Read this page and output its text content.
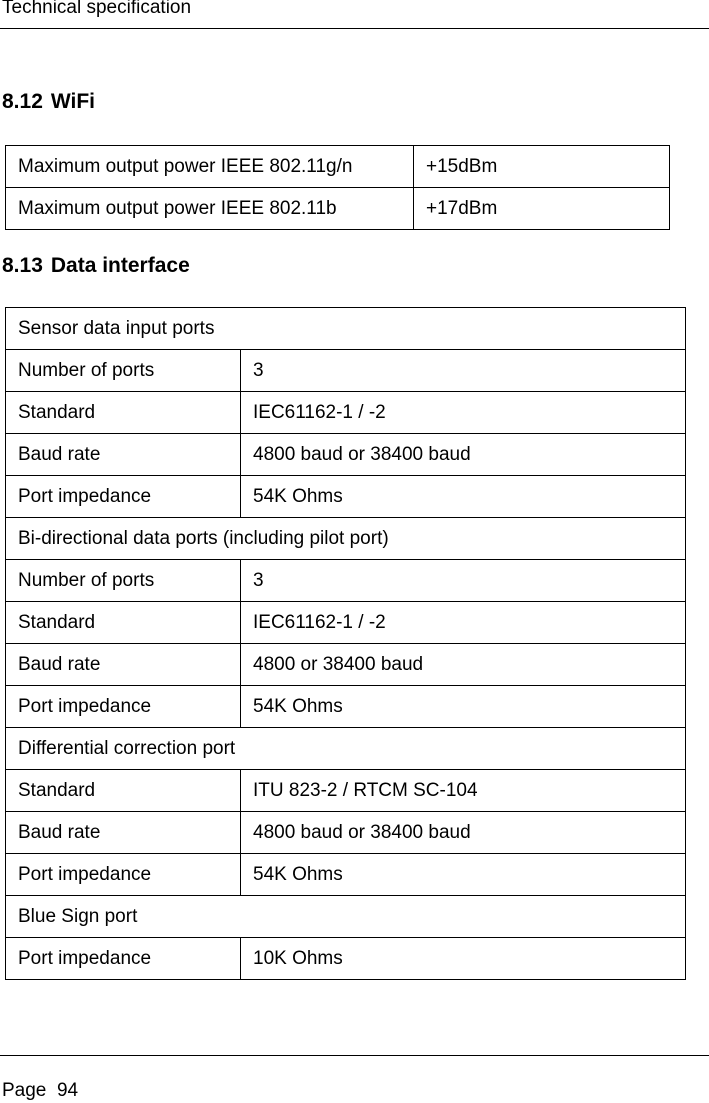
Technical specification
8.12 WiFi
Maximum output power IEEE 802.11g/n	+15dBm
Maximum output power IEEE 802.11b	+17dBm
8.13 Data interface
Sensor data input ports	
Number of ports	3
Standard	IEC61162-1 / -2
Baud rate	4800 baud or 38400 baud
Port impedance	54K Ohms
Bi-directional data ports (including pilot port)	
Number of ports	3
Standard	IEC61162-1 / -2
Baud rate	4800 or 38400 baud
Port impedance	54K Ohms
Differential correction port	
Standard	ITU 823-2 / RTCM SC-104
Baud rate	4800 baud or 38400 baud
Port impedance	54K Ohms
Blue Sign port	
Port impedance	10K Ohms
Page 94
